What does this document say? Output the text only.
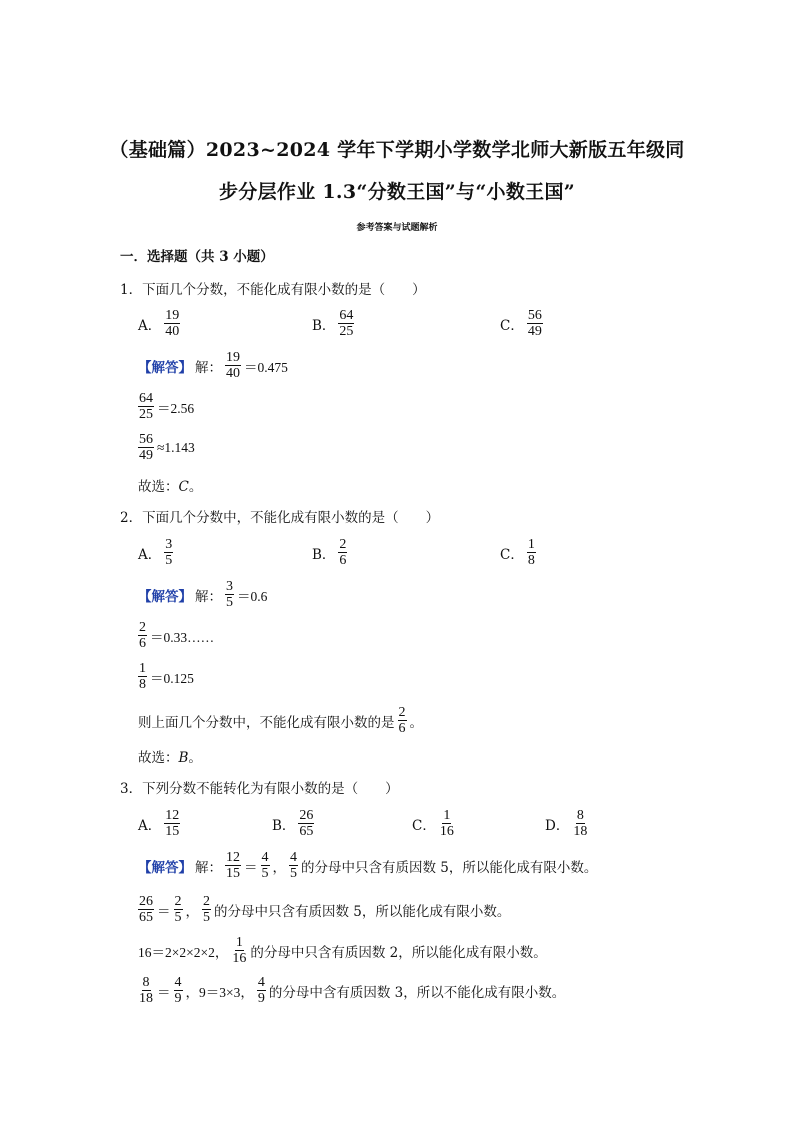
（基础篇）2023~2024 学年下学期小学数学北师大新版五年级同
步分层作业 1.3“分数王国”与“小数王国”
参考答案与试题解析
一．选择题（共 3 小题）
1．下面几个分数，不能化成有限小数的是（　　）
A． $\frac{19}{40}$	B． $\frac{64}{25}$	C． $\frac{56}{49}$
【解答】 解： $\frac{19}{40} =0.475$
$\frac{64}{25} =2.56$
$\frac{56}{49} \approx 1.143$
故选：C。
2．下面几个分数中，不能化成有限小数的是（　　）
A． $\frac{3}{5}$	B． $\frac{2}{6}$	C． $\frac{1}{8}$
【解答】 解： $\frac{3}{5} =0.6$
$\frac{2}{6}$ ＝0.33……
$\frac{1}{8} =0.125$
则上面几个分数中，不能化成有限小数的是 $\frac{2}{6}$ 。
故选：B。
3．下列分数不能转化为有限小数的是（　　）
A． $\frac{12}{15}$	B． $\frac{26}{65}$	C． $\frac{1}{16}$	D． $\frac{8}{18}$
【解答】 解： $\frac{12}{15} = \frac{4}{5}$ ， $\frac{4}{5}$ 的分母中只含有质因数 5，所以能化成有限小数。
$\frac{26}{65} = \frac{2}{5}$ ， $\frac{2}{5}$ 的分母中只含有质因数 5，所以能化成有限小数。
16＝2×2×2×2， $\frac{1}{16}$ 的分母中只含有质因数 2，所以能化成有限小数。
$\frac{8}{18} = \frac{4}{9}$ ，9＝3×3， $\frac{4}{9}$ 的分母中含有质因数 3，所以不能化成有限小数。
